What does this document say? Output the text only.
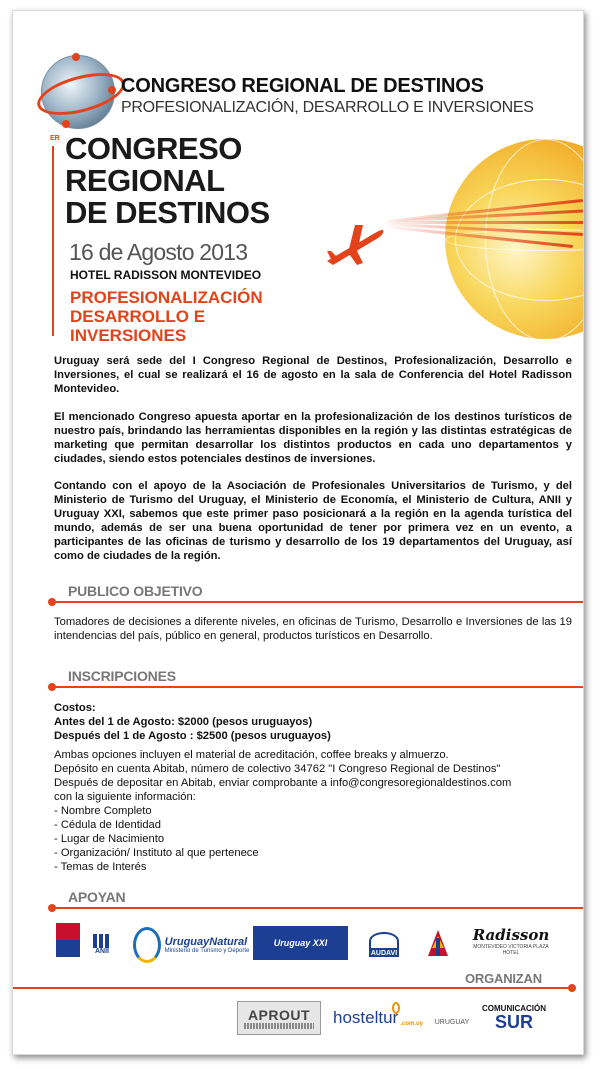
CONGRESO REGIONAL DE DESTINOS
PROFESIONALIZACIÓN, DESARROLLO E INVERSIONES
ER CONGRESO
REGIONAL
DE DESTINOS
16 de Agosto 2013
HOTEL RADISSON MONTEVIDEO
PROFESIONALIZACIÓN
DESARROLLO E
INVERSIONES
Uruguay será sede del I Congreso Regional de Destinos, Profesionalización, Desarrollo e Inversiones, el cual se realizará el 16 de agosto en la sala de Conferencia del Hotel Radisson Montevideo.
El mencionado Congreso apuesta aportar en la profesionalización de los destinos turísticos de nuestro país, brindando las herramientas disponibles en la región y las distintas estratégicas de marketing que permitan desarrollar los distintos productos en cada uno departamentos y ciudades, siendo estos potenciales destinos de inversiones.
Contando con el apoyo de la Asociación de Profesionales Universitarios de Turismo, y del Ministerio de Turismo del Uruguay, el Ministerio de Economía, el Ministerio de Cultura, ANII y Uruguay XXI, sabemos que este primer paso posicionará a la región en la agenda turística del mundo, además de ser una buena oportunidad de tener por primera vez en un evento, a participantes de las oficinas de turismo y desarrollo de los 19 departamentos del Uruguay, así como de ciudades de la región.
PUBLICO OBJETIVO
Tomadores de decisiones a diferente niveles, en oficinas de Turismo, Desarrollo e Inversiones de las 19 intendencias del país, público en general, productos turísticos en Desarrollo.
INSCRIPCIONES
Costos:
Antes del 1 de Agosto: $2000 (pesos uruguayos)
Después del 1 de Agosto : $2500 (pesos uruguayos)
Ambas opciones incluyen el material de acreditación, coffee breaks y almuerzo.
Depósito en cuenta Abitab, número de colectivo 34762 "I Congreso Regional de Destinos"
Después de depositar en Abitab, enviar comprobante a info@congresoregionaldestinos.com
con la siguiente información:
- Nombre Completo
- Cédula de Identidad
- Lugar de Nacimiento
- Organización/ Instituto al que pertenece
- Temas de Interés
APOYAN
ANII
UruguayNatural
Ministerio de Turismo y Deporte
Uruguay XXI
AUDAVI
Radisson
MONTEVIDEO VICTORIA PLAZA HOTEL
ORGANIZAN
APROUT hosteltur .com.uy	URUGUAY
COMUNICACIÓN
SUR
